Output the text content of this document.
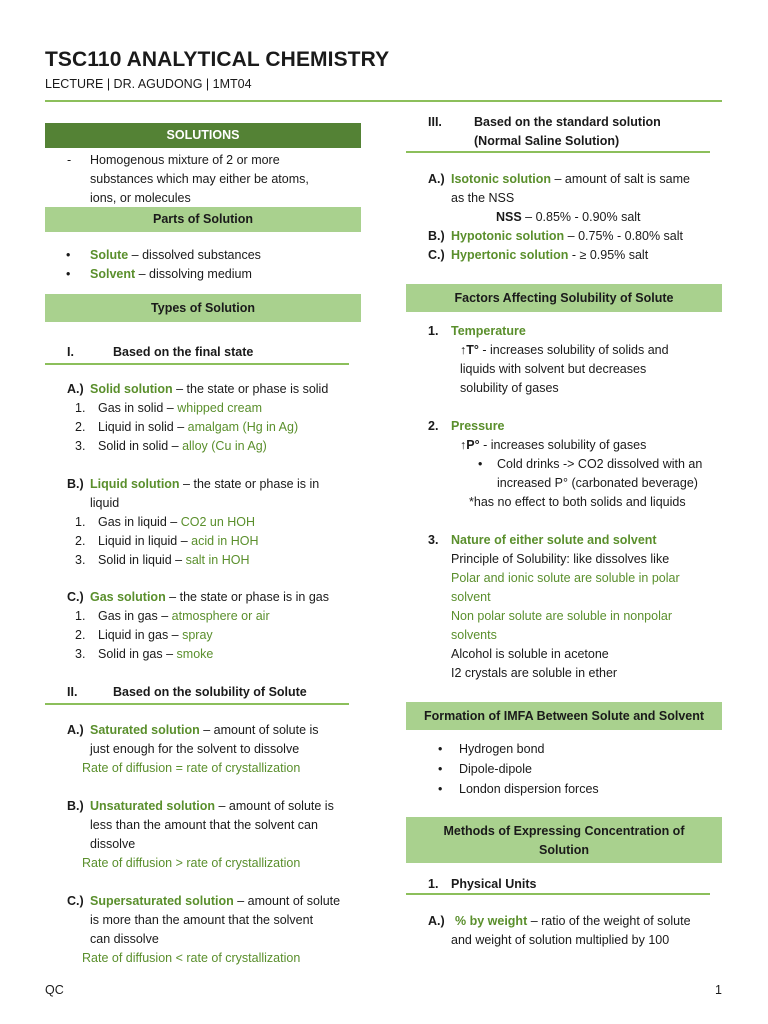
TSC110 ANALYTICAL CHEMISTRY
LECTURE | DR. AGUDONG | 1MT04
SOLUTIONS
- Homogenous mixture of 2 or more
substances which may either be atoms,
ions, or molecules
Parts of Solution
• Solute – dissolved substances
• Solvent – dissolving medium
Types of Solution
I.	Based on the final state
A.) Solid solution – the state or phase is solid
1. Gas in solid – whipped cream
2. Liquid in solid – amalgam (Hg in Ag)
3. Solid in solid – alloy (Cu in Ag)
B.) Liquid solution – the state or phase is in
liquid
1. Gas in liquid – CO2 un HOH
2. Liquid in liquid – acid in HOH
3. Solid in liquid – salt in HOH
C.) Gas solution – the state or phase is in gas
1. Gas in gas – atmosphere or air
2. Liquid in gas – spray
3. Solid in gas – smoke
II.	Based on the solubility of Solute
A.) Saturated solution – amount of solute is
just enough for the solvent to dissolve
Rate of diffusion = rate of crystallization
B.) Unsaturated solution – amount of solute is
less than the amount that the solvent can
dissolve
Rate of diffusion > rate of crystallization
C.) Supersaturated solution – amount of solute
is more than the amount that the solvent
can dissolve
Rate of diffusion < rate of crystallization
III.	Based on the standard solution
(Normal Saline Solution)
A.) Isotonic solution – amount of salt is same
as the NSS
NSS – 0.85% - 0.90% salt
B.) Hypotonic solution – 0.75% - 0.80% salt
C.) Hypertonic solution - ≥ 0.95% salt
Factors Affecting Solubility of Solute
1. Temperature
↑T° - increases solubility of solids and
liquids with solvent but decreases
solubility of gases
2. Pressure
↑P° - increases solubility of gases
• Cold drinks -> CO2 dissolved with an
increased P° (carbonated beverage)
*has no effect to both solids and liquids
3. Nature of either solute and solvent
Principle of Solubility: like dissolves like
Polar and ionic solute are soluble in polar
solvent
Non polar solute are soluble in nonpolar
solvents
Alcohol is soluble in acetone
I2 crystals are soluble in ether
Formation of IMFA Between Solute and Solvent
• Hydrogen bond
• Dipole-dipole
• London dispersion forces
Methods of Expressing Concentration of
Solution
1. Physical Units
A.) % by weight – ratio of the weight of solute
and weight of solution multiplied by 100
QC	1
